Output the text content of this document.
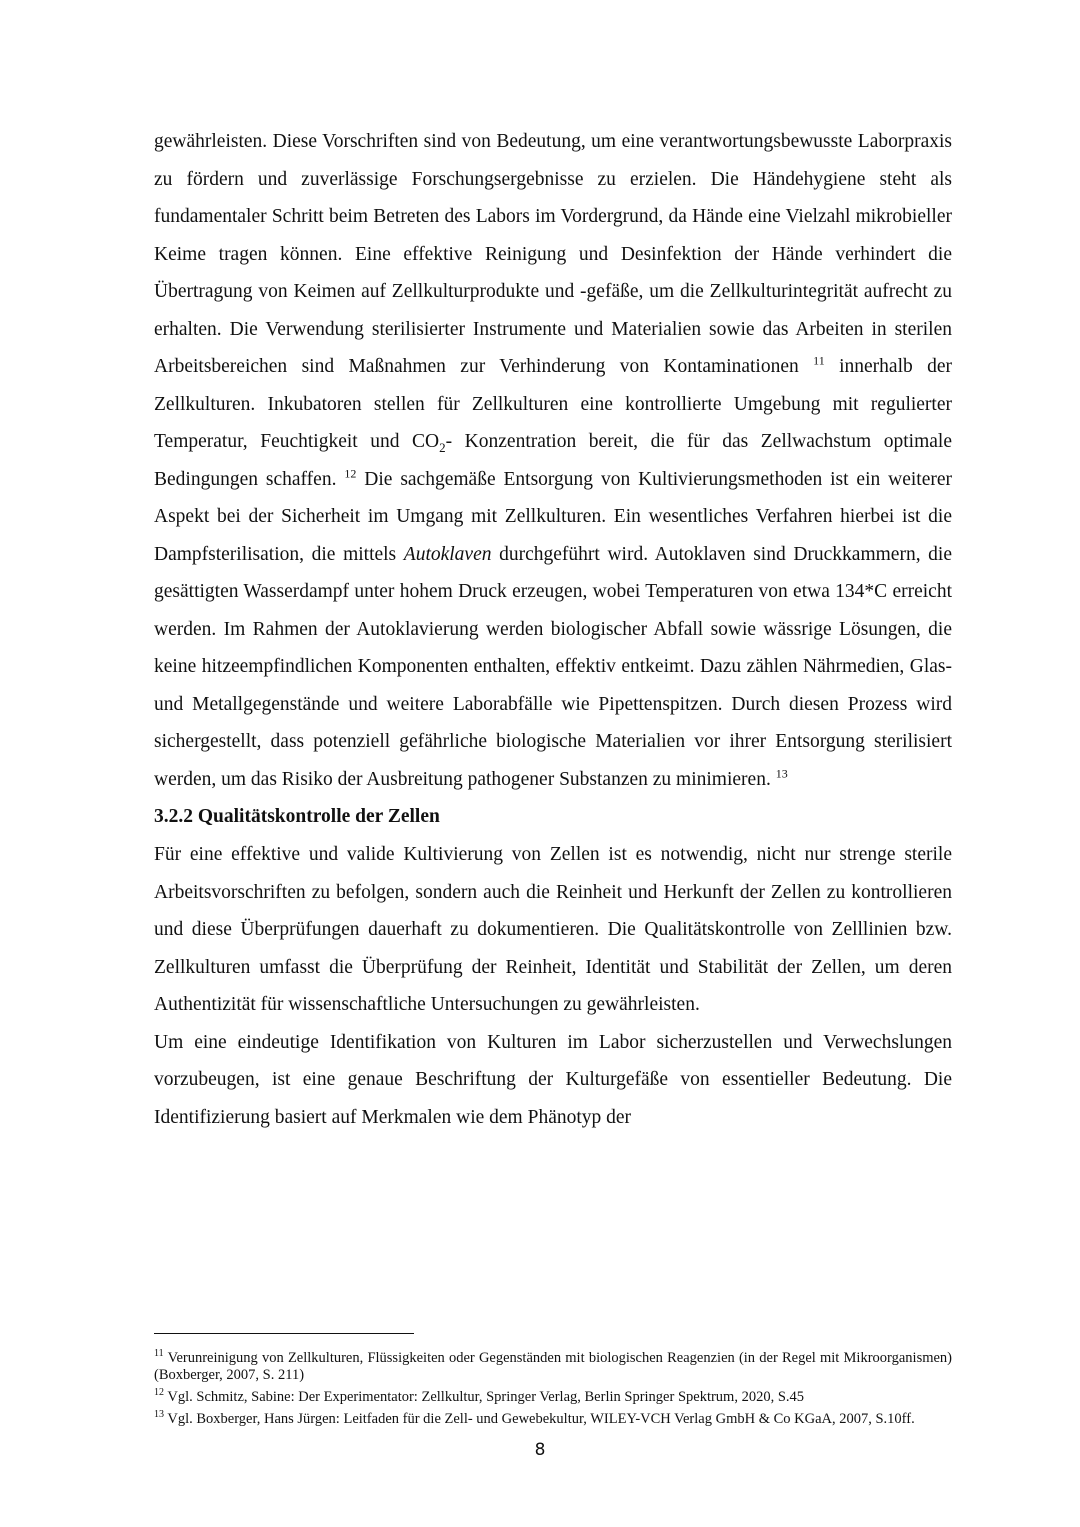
gewährleisten. Diese Vorschriften sind von Bedeutung, um eine verantwortungsbewusste Laborpraxis zu fördern und zuverlässige Forschungsergebnisse zu erzielen. Die Händehygiene steht als fundamentaler Schritt beim Betreten des Labors im Vordergrund, da Hände eine Vielzahl mikrobieller Keime tragen können. Eine effektive Reinigung und Desinfektion der Hände verhindert die Übertragung von Keimen auf Zellkulturprodukte und -gefäße, um die Zellkulturintegrität aufrecht zu erhalten. Die Verwendung sterilisierter Instrumente und Materialien sowie das Arbeiten in sterilen Arbeitsbereichen sind Maßnahmen zur Verhinderung von Kontaminationen $^{11}$ innerhalb der Zellkulturen. Inkubatoren stellen für Zellkulturen eine kontrollierte Umgebung mit regulierter Temperatur, Feuchtigkeit und $CO_2-$ Konzentration bereit, die für das Zellwachstum optimale Bedingungen schaffen. $^{12}$ Die sachgemäße Entsorgung von Kultivierungsmethoden ist ein weiterer Aspekt bei der Sicherheit im Umgang mit Zellkulturen. Ein wesentliches Verfahren hierbei ist die Dampfsterilisation, die mittels Autoklaven durchgeführt wird. Autoklaven sind Druckkammern, die gesättigten Wasserdampf unter hohem Druck erzeugen, wobei Temperaturen von etwa 134*C erreicht werden. Im Rahmen der Autoklavierung werden biologischer Abfall sowie wässrige Lösungen, die keine hitzeempfindlichen Komponenten enthalten, effektiv entkeimt. Dazu zählen Nährmedien, Glas- und Metallgegenstände und weitere Laborabfälle wie Pipettenspitzen. Durch diesen Prozess wird sichergestellt, dass potenziell gefährliche biologische Materialien vor ihrer Entsorgung sterilisiert werden, um das Risiko der Ausbreitung pathogener Substanzen zu minimieren. $^{13}$

3.2.2 Qualitätskontrolle der Zellen

Für eine effektive und valide Kultivierung von Zellen ist es notwendig, nicht nur strenge sterile Arbeitsvorschriften zu befolgen, sondern auch die Reinheit und Herkunft der Zellen zu kontrollieren und diese Überprüfungen dauerhaft zu dokumentieren. Die Qualitätskontrolle von Zelllinien bzw. Zellkulturen umfasst die Überprüfung der Reinheit, Identität und Stabilität der Zellen, um deren Authentizität für wissenschaftliche Untersuchungen zu gewährleisten.

Um eine eindeutige Identifikation von Kulturen im Labor sicherzustellen und Verwechslungen vorzubeugen, ist eine genaue Beschriftung der Kulturgefäße von essentieller Bedeutung. Die Identifizierung basiert auf Merkmalen wie dem Phänotyp der

$^{11}$ Verunreinigung von Zellkulturen, Flüssigkeiten oder Gegenständen mit biologischen Reagenzien (in der Regel mit Mikroorganismen) (Boxberger, 2007, S. 211)

$^{12}$ Vgl. Schmitz, Sabine: Der Experimentator: Zellkultur, Springer Verlag, Berlin Springer Spektrum, 2020, S.45

$^{13}$ Vgl. Boxberger, Hans Jürgen: Leitfaden für die Zell- und Gewebekultur, WILEY-VCH Verlag GmbH & Co KGaA, 2007, S.10ff.

8
